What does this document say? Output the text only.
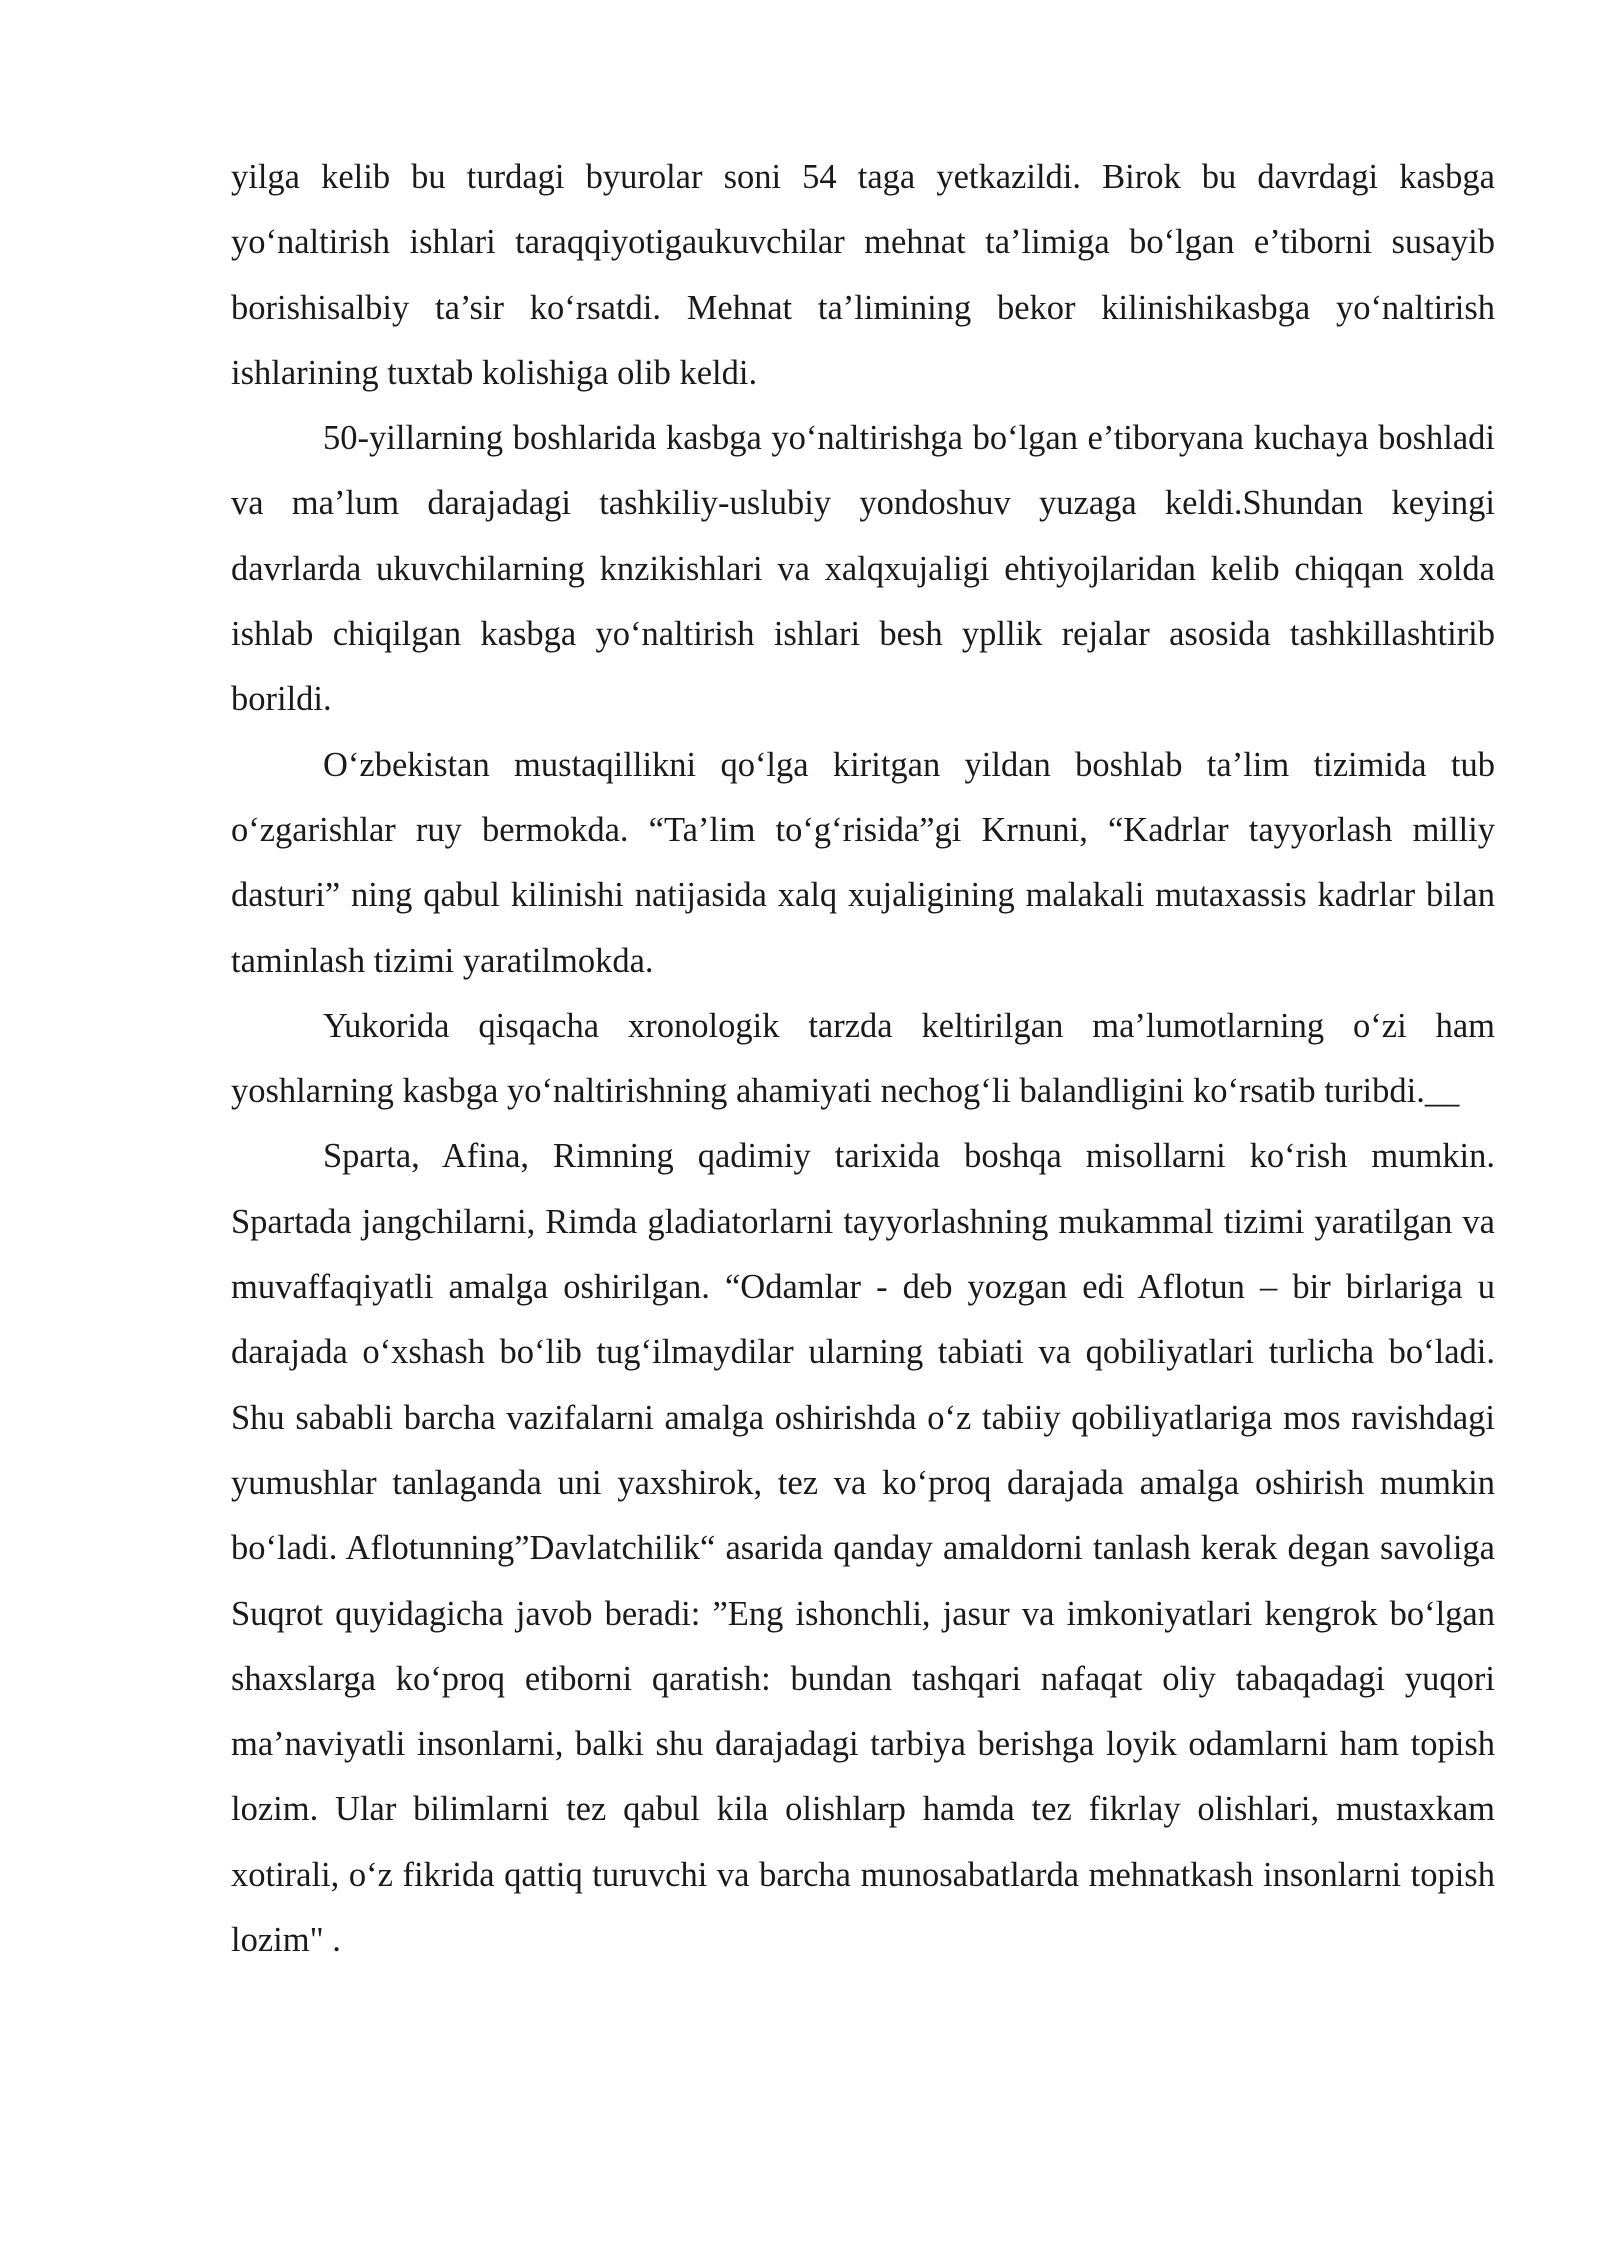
yilga kelib bu turdagi byurolar soni 54 taga yetkazildi. Birok bu davrdagi kasbga yo‘naltirish ishlari taraqqiyotigaukuvchilar mehnat ta’limiga bo‘lgan e’tiborni susayib borishisalbiy ta’sir ko‘rsatdi. Mehnat ta’limining bekor kilinishikasbga yo‘naltirish ishlarining tuxtab kolishiga olib keldi.

50-yillarning boshlarida kasbga yo‘naltirishga bo‘lgan e’tiboryana kuchaya boshladi va ma’lum darajadagi tashkiliy-uslubiy yondoshuv yuzaga keldi.Shundan keyingi davrlarda ukuvchilarning knzikishlari va xalqxujaligi ehtiyojlaridan kelib chiqqan xolda ishlab chiqilgan kasbga yo‘naltirish ishlari besh ypllik rejalar asosida tashkillashtirib borildi.

O‘zbekistan mustaqillikni qo‘lga kiritgan yildan boshlab ta’lim tizimida tub o‘zgarishlar ruy bermokda. “Ta’lim to‘g‘risida”gi Krnuni, “Kadrlar tayyorlash milliy dasturi” ning qabul kilinishi natijasida xalq xujaligining malakali mutaxassis kadrlar bilan taminlash tizimi yaratilmokda.

Yukorida qisqacha xronologik tarzda keltirilgan ma’lumotlarning o‘zi ham yoshlarning kasbga yo‘naltirishning ahamiyati nechog‘li balandligini ko‘rsatib turibdi.__

Sparta, Afina, Rimning qadimiy tarixida boshqa misollarni ko‘rish mumkin. Spartada jangchilarni, Rimda gladiatorlarni tayyorlashning mukammal tizimi yaratilgan va muvaffaqiyatli amalga oshirilgan. “Odamlar - deb yozgan edi Aflotun – bir birlariga u darajada o‘xshash bo‘lib tug‘ilmaydilar ularning tabiati va qobiliyatlari turlicha bo‘ladi. Shu sababli barcha vazifalarni amalga oshirishda o‘z tabiiy qobiliyatlariga mos ravishdagi yumushlar tanlaganda uni yaxshirok, tez va ko‘proq darajada amalga oshirish mumkin bo‘ladi. Aflotunning”Davlatchilik“ asarida qanday amaldorni tanlash kerak degan savoliga Suqrot quyidagicha javob beradi: ”Eng ishonchli, jasur va imkoniyatlari kengrok bo‘lgan shaxslarga ko‘proq etiborni qaratish: bundan tashqari nafaqat oliy tabaqadagi yuqori ma’naviyatli insonlarni, balki shu darajadagi tarbiya berishga loyik odamlarni ham topish lozim. Ular bilimlarni tez qabul kila olishlarp hamda tez fikrlay olishlari, mustaxkam xotirali, o‘z fikrida qattiq turuvchi va barcha munosabatlarda mehnatkash insonlarni topish lozim" .
